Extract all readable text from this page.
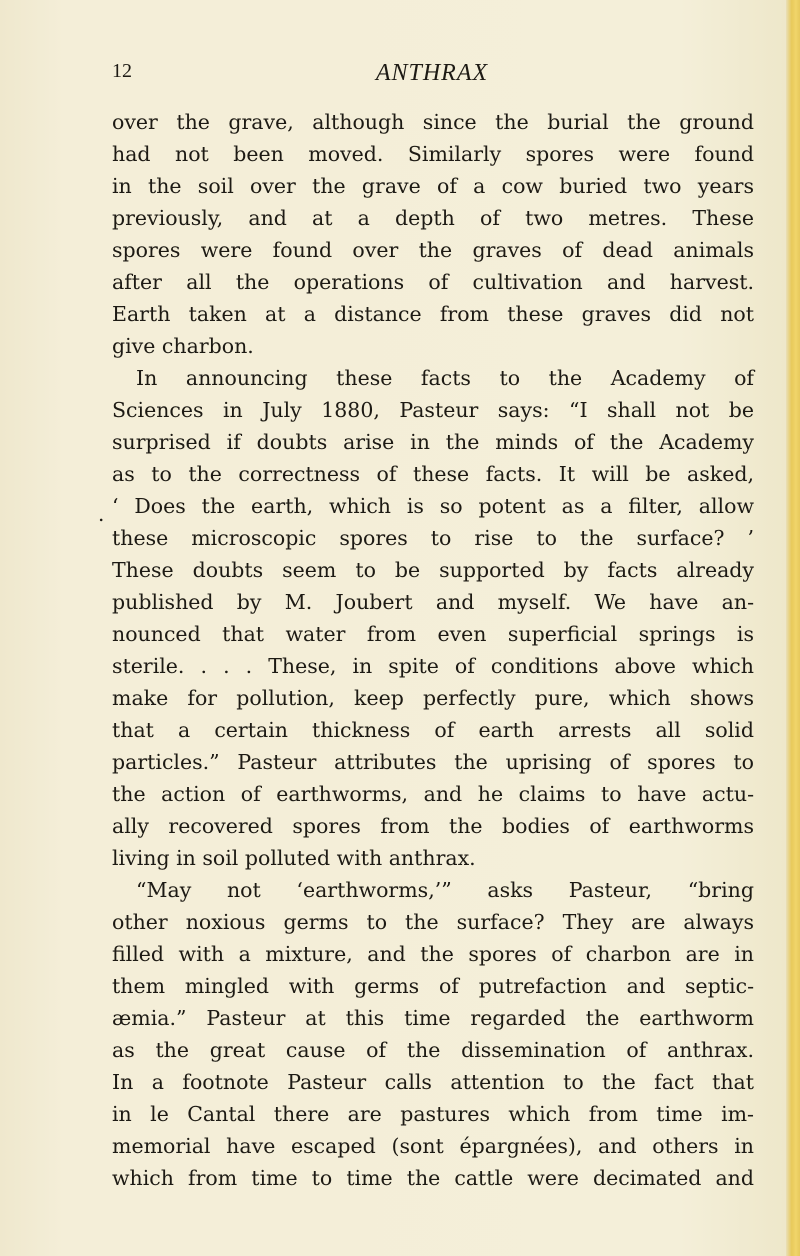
12	ANTHRAX
.
over the grave, although since the burial the ground
had not been moved. Similarly spores were found
in the soil over the grave of a cow buried two years
previously, and at a depth of two metres. These
spores were found over the graves of dead animals
after all the operations of cultivation and harvest.
Earth taken at a distance from these graves did not
give charbon.
In announcing these facts to the Academy of
Sciences in July 1880, Pasteur says: “I shall not be
surprised if doubts arise in the minds of the Academy
as to the correctness of these facts. It will be asked,
‘ Does the earth, which is so potent as a filter, allow
these microscopic spores to rise to the surface? ’
These doubts seem to be supported by facts already
published by M. Joubert and myself. We have an-
nounced that water from even superficial springs is
sterile. . . . These, in spite of conditions above which
make for pollution, keep perfectly pure, which shows
that a certain thickness of earth arrests all solid
particles.” Pasteur attributes the uprising of spores to
the action of earthworms, and he claims to have actu-
ally recovered spores from the bodies of earthworms
living in soil polluted with anthrax.
“May not ‘earthworms,’” asks Pasteur, “bring
other noxious germs to the surface? They are always
filled with a mixture, and the spores of charbon are in
them mingled with germs of putrefaction and septic-
æmia.” Pasteur at this time regarded the earthworm
as the great cause of the dissemination of anthrax.
In a footnote Pasteur calls attention to the fact that
in le Cantal there are pastures which from time im-
memorial have escaped (sont épargnées), and others in
which from time to time the cattle were decimated and
